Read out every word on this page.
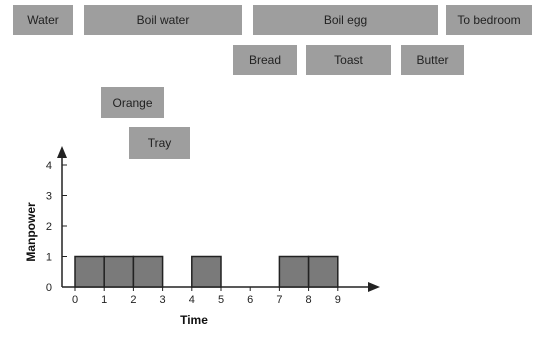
Water	Boil water	Boil egg	To bedroom
Bread	Toast	Butter
Orange
Tray
0 1 2 3 4 5 6 7 8 9
0
1
2
3
4
Time
Manpower
